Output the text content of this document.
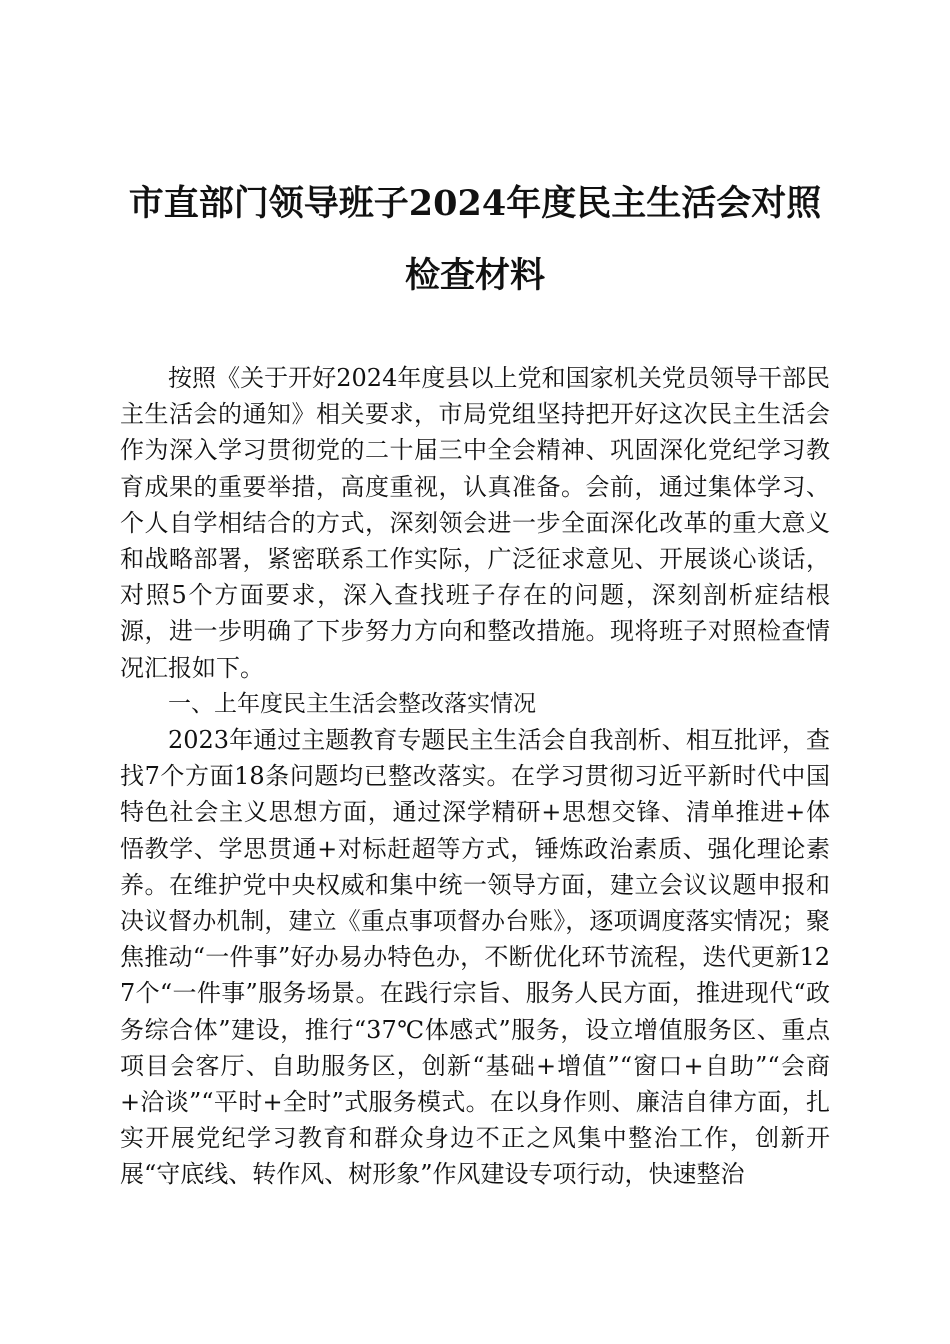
市直部门领导班子2024年度民主生活会对照
检查材料

按照《关于开好2024年度县以上党和国家机关党员领导干部民主生活会的通知》相关要求，市局党组坚持把开好这次民主生活会作为深入学习贯彻党的二十届三中全会精神、巩固深化党纪学习教育成果的重要举措，高度重视，认真准备。会前，通过集体学习、个人自学相结合的方式，深刻领会进一步全面深化改革的重大意义和战略部署，紧密联系工作实际，广泛征求意见、开展谈心谈话，对照5个方面要求，深入查找班子存在的问题，深刻剖析症结根源，进一步明确了下步努力方向和整改措施。现将班子对照检查情况汇报如下。

一、上年度民主生活会整改落实情况

2023年通过主题教育专题民主生活会自我剖析、相互批评，查找7个方面18条问题均已整改落实。在学习贯彻习近平新时代中国特色社会主义思想方面，通过深学精研+思想交锋、清单推进+体悟教学、学思贯通+对标赶超等方式，锤炼政治素质、强化理论素养。在维护党中央权威和集中统一领导方面，建立会议议题申报和决议督办机制，建立《重点事项督办台账》，逐项调度落实情况；聚焦推动“一件事”好办易办特色办，不断优化环节流程，迭代更新127个“一件事”服务场景。在践行宗旨、服务人民方面，推进现代“政务综合体”建设，推行“37℃体感式”服务，设立增值服务区、重点项目会客厅、自助服务区，创新“基础+增值”“窗口+自助”“会商+洽谈”“平时+全时”式服务模式。在以身作则、廉洁自律方面，扎实开展党纪学习教育和群众身边不正之风集中整治工作，创新开展“守底线、转作风、树形象”作风建设专项行动，快速整治
